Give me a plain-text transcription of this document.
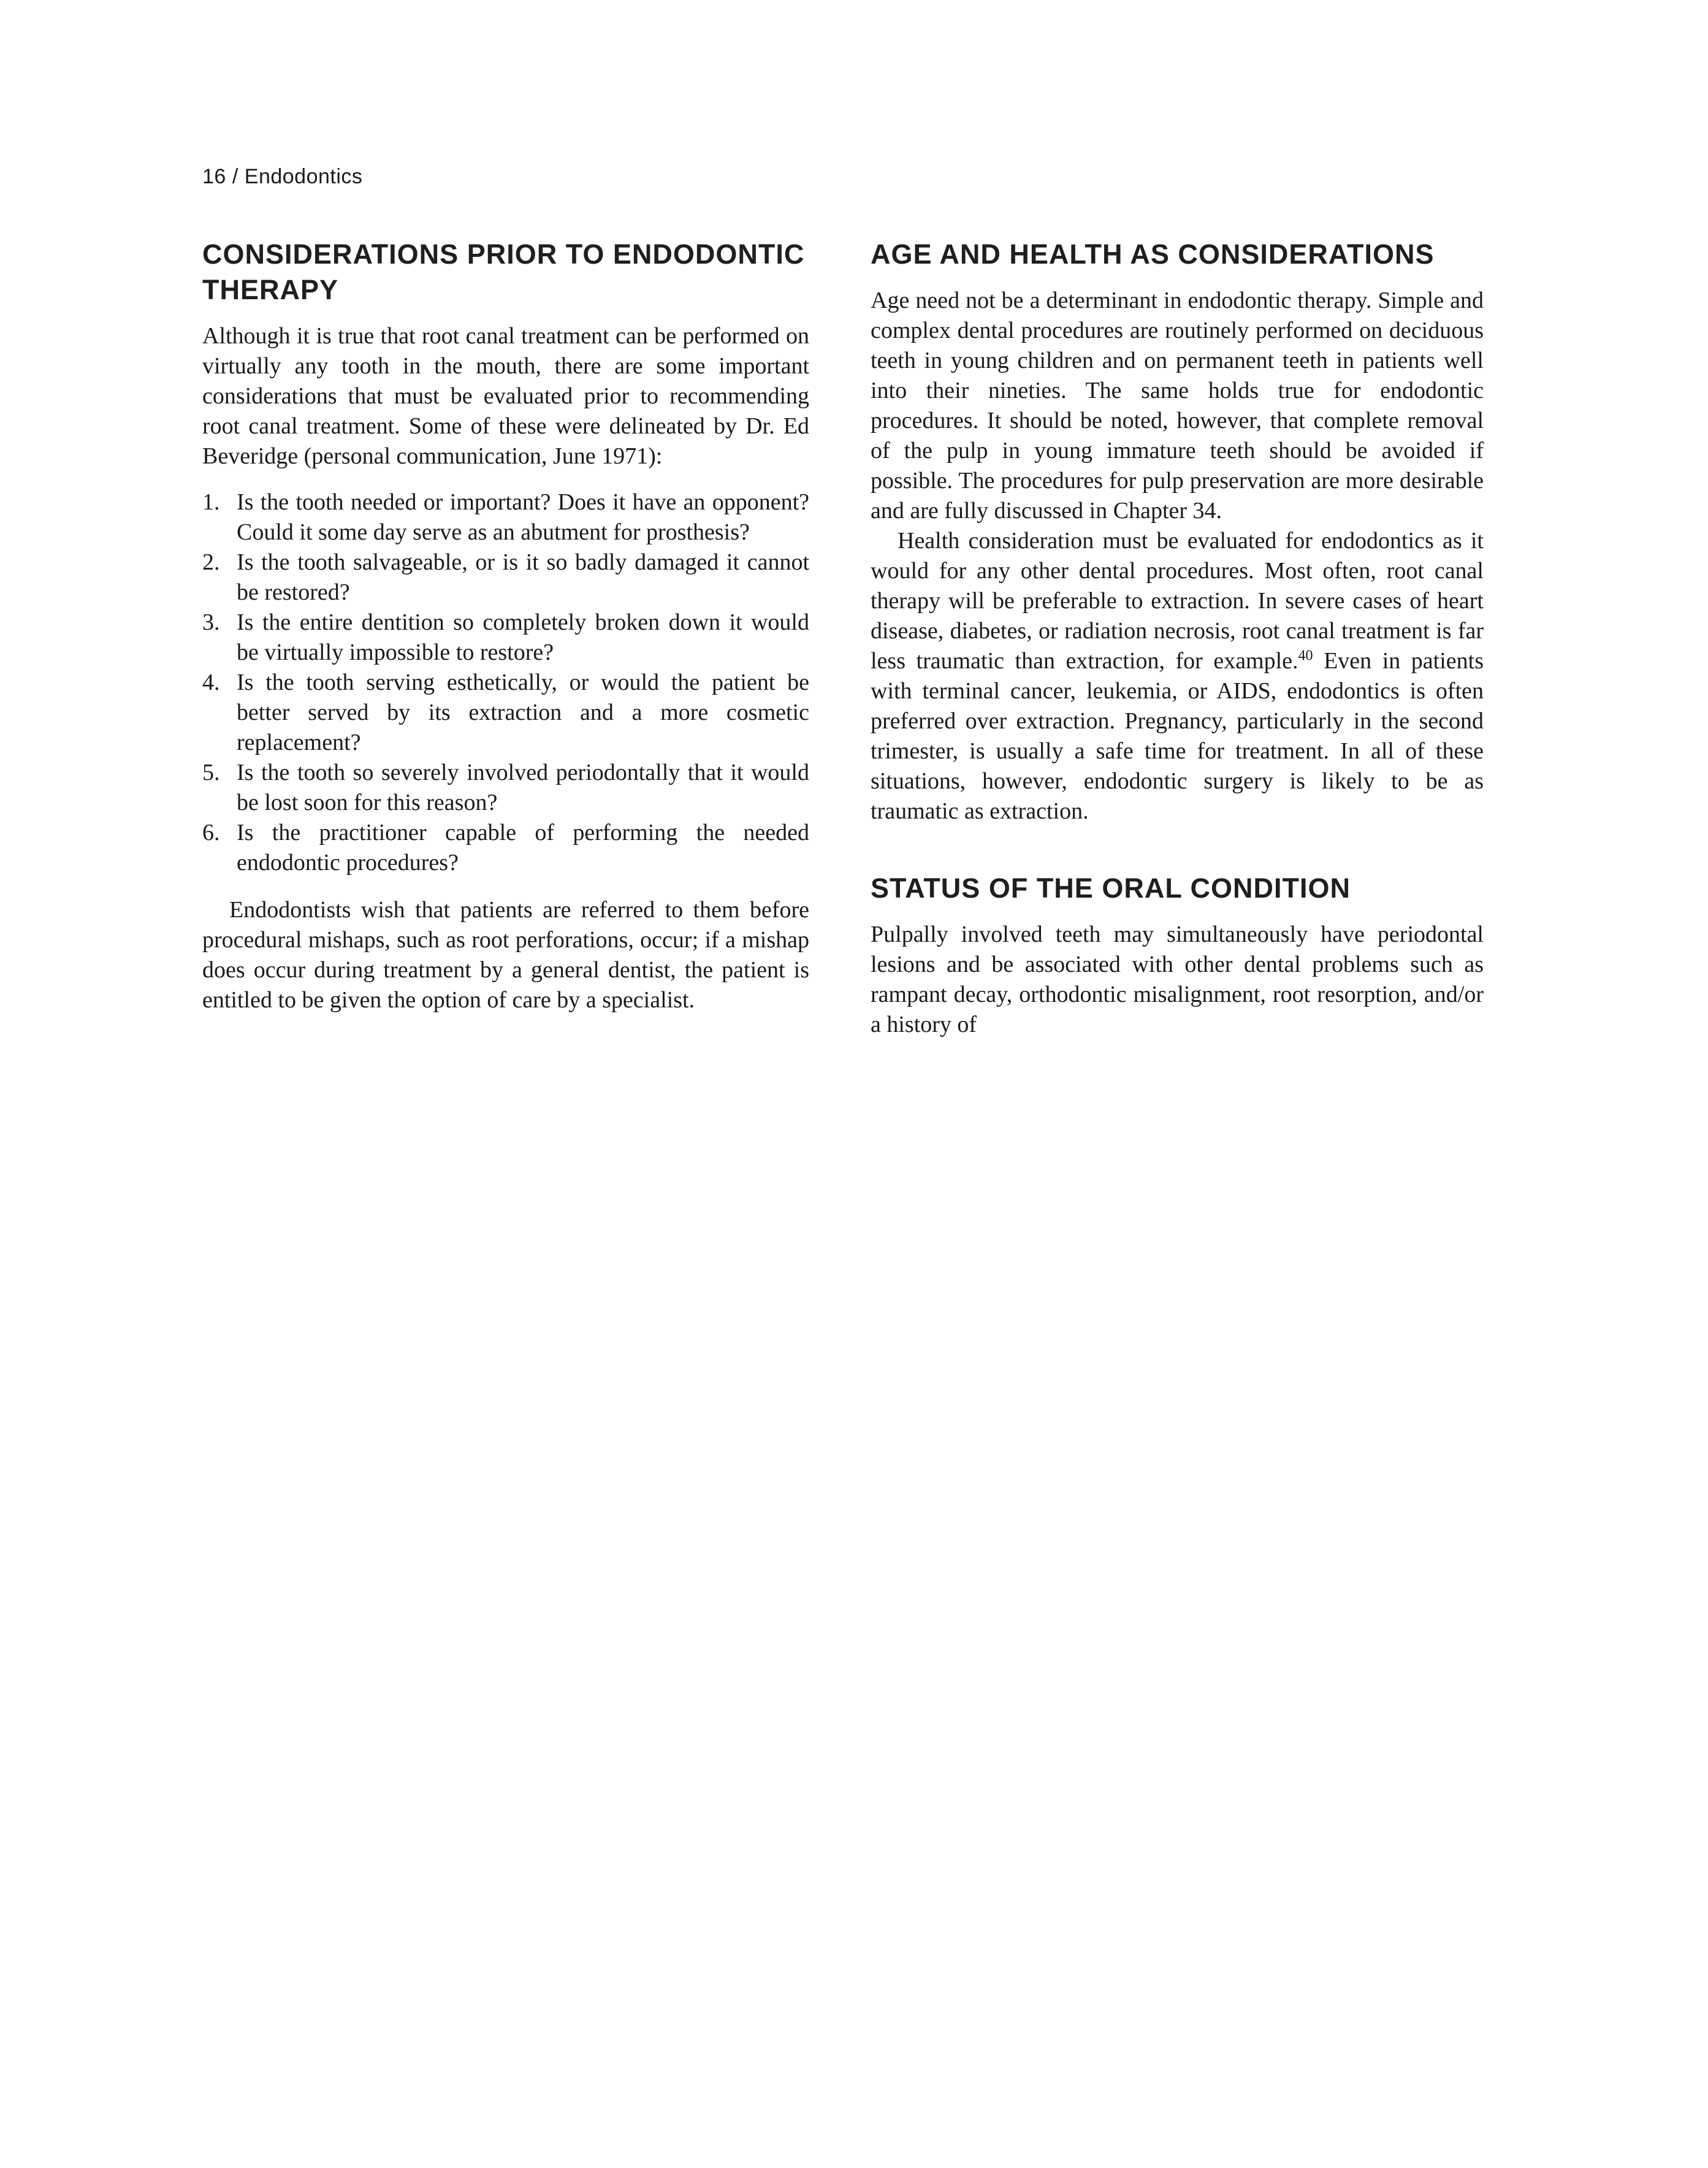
16 / Endodontics
CONSIDERATIONS PRIOR TO ENDODONTIC THERAPY

Although it is true that root canal treatment can be performed on virtually any tooth in the mouth, there are some important considerations that must be evaluated prior to recommending root canal treatment. Some of these were delineated by Dr. Ed Beveridge (personal communication, June 1971):

1. Is the tooth needed or important? Does it have an opponent? Could it some day serve as an abutment for prosthesis?
2. Is the tooth salvageable, or is it so badly damaged it cannot be restored?
3. Is the entire dentition so completely broken down it would be virtually impossible to restore?
4. Is the tooth serving esthetically, or would the patient be better served by its extraction and a more cosmetic replacement?
5. Is the tooth so severely involved periodontally that it would be lost soon for this reason?
6. Is the practitioner capable of performing the needed endodontic procedures?

Endodontists wish that patients are referred to them before procedural mishaps, such as root perforations, occur; if a mishap does occur during treatment by a general dentist, the patient is entitled to be given the option of care by a specialist.

AGE AND HEALTH AS CONSIDERATIONS

Age need not be a determinant in endodontic therapy. Simple and complex dental procedures are routinely performed on deciduous teeth in young children and on permanent teeth in patients well into their nineties. The same holds true for endodontic procedures. It should be noted, however, that complete removal of the pulp in young immature teeth should be avoided if possible. The procedures for pulp preservation are more desirable and are fully discussed in Chapter 34.

Health consideration must be evaluated for endodontics as it would for any other dental procedures. Most often, root canal therapy will be preferable to extraction. In severe cases of heart disease, diabetes, or radiation necrosis, root canal treatment is far less traumatic than extraction, for example.$^{40}$ Even in patients with terminal cancer, leukemia, or AIDS, endodontics is often preferred over extraction. Pregnancy, particularly in the second trimester, is usually a safe time for treatment. In all of these situations, however, endodontic surgery is likely to be as traumatic as extraction.

STATUS OF THE ORAL CONDITION

Pulpally involved teeth may simultaneously have periodontal lesions and be associated with other dental problems such as rampant decay, orthodontic misalignment, root resorption, and/or a history of
